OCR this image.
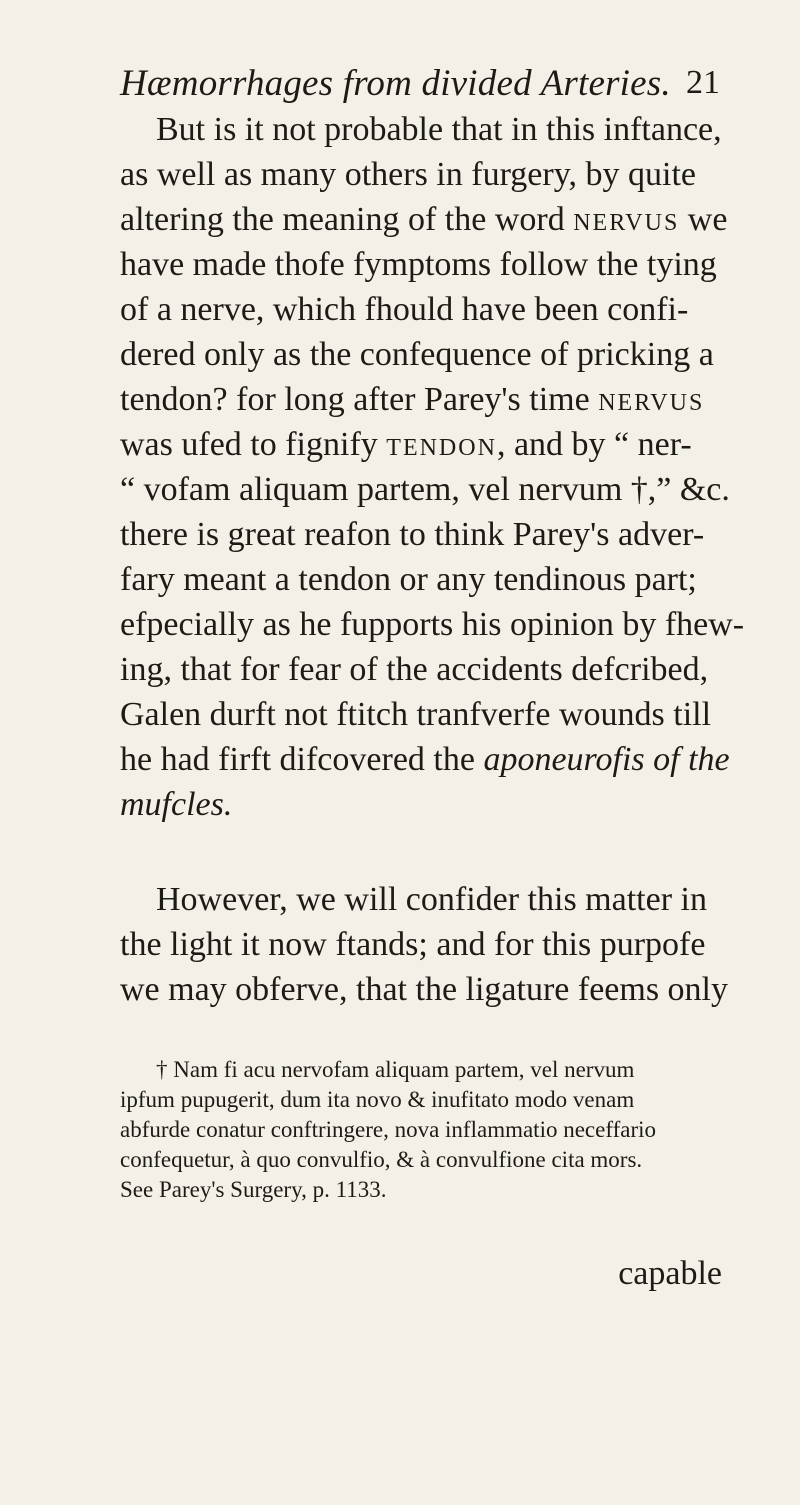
Hæmorrhages from divided Arteries. 21
But is it not probable that in this inftance,
as well as many others in furgery, by quite
altering the meaning of the word nervus we
have made thofe fymptoms follow the tying
of a nerve, which fhould have been confi-
dered only as the confequence of pricking a
tendon? for long after Parey's time nervus
was ufed to fignify tendon, and by “ ner-
“ vofam aliquam partem, vel nervum †,” &c.
there is great reafon to think Parey's adver-
fary meant a tendon or any tendinous part;
efpecially as he fupports his opinion by fhew-
ing, that for fear of the accidents defcribed,
Galen durft not ftitch tranfverfe wounds till
he had firft difcovered the aponeurofis of the
mufcles.
However, we will confider this matter in
the light it now ftands; and for this purpofe
we may obferve, that the ligature feems only
† Nam fi acu nervofam aliquam partem, vel nervum
ipfum pupugerit, dum ita novo & inufitato modo venam
abfurde conatur conftringere, nova inflammatio neceffario
confequetur, à quo convulfio, & à convulfione cita mors.
See Parey's Surgery, p. 1133.
capable
